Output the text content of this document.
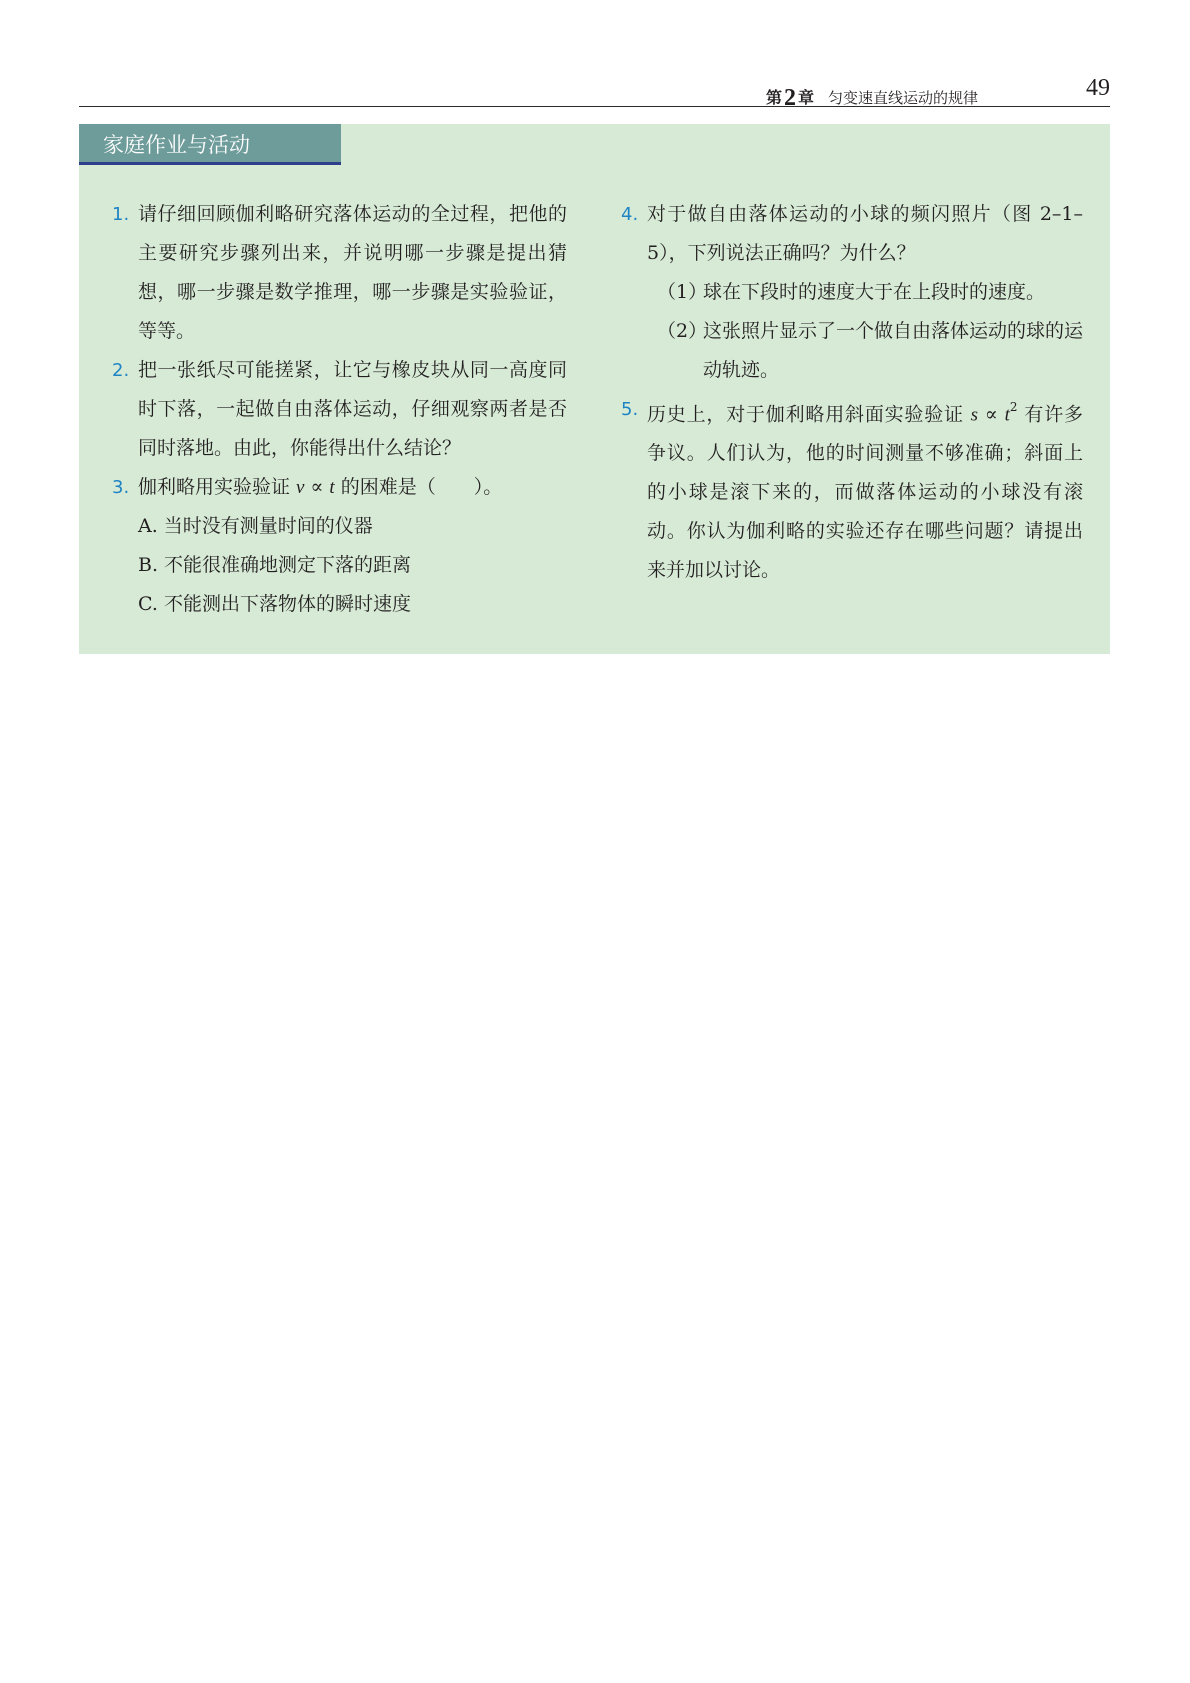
第2 章 匀变速直线运动的规律	49
家庭作业与活动
1. 请仔细回顾伽利略研究落体运动的全过程，把他的主要研究步骤列出来，并说明哪一步骤是提出猜想，哪一步骤是数学推理，哪一步骤是实验验证，等等。
2. 把一张纸尽可能搓紧，让它与橡皮块从同一高度同时下落，一起做自由落体运动，仔细观察两者是否同时落地。由此，你能得出什么结论？
3. 伽利略用实验验证 v ∝ t 的困难是（　　）。
A. 当时没有测量时间的仪器
B. 不能很准确地测定下落的距离
C. 不能测出下落物体的瞬时速度
4. 对于做自由落体运动的小球的频闪照片（图 2–1–5），下列说法正确吗？为什么？
（1）
球在下段时的速度大于在上段时的速度。
（2）
这张照片显示了一个做自由落体运动的球的运动轨迹。
5. 历史上，对于伽利略用斜面实验验证 $s \propto t^2$ 有许多争议。人们认为，他的时间测量不够准确；斜面上的小球是滚下来的，而做落体运动的小球没有滚动。你认为伽利略的实验还存在哪些问题？请提出来并加以讨论。
